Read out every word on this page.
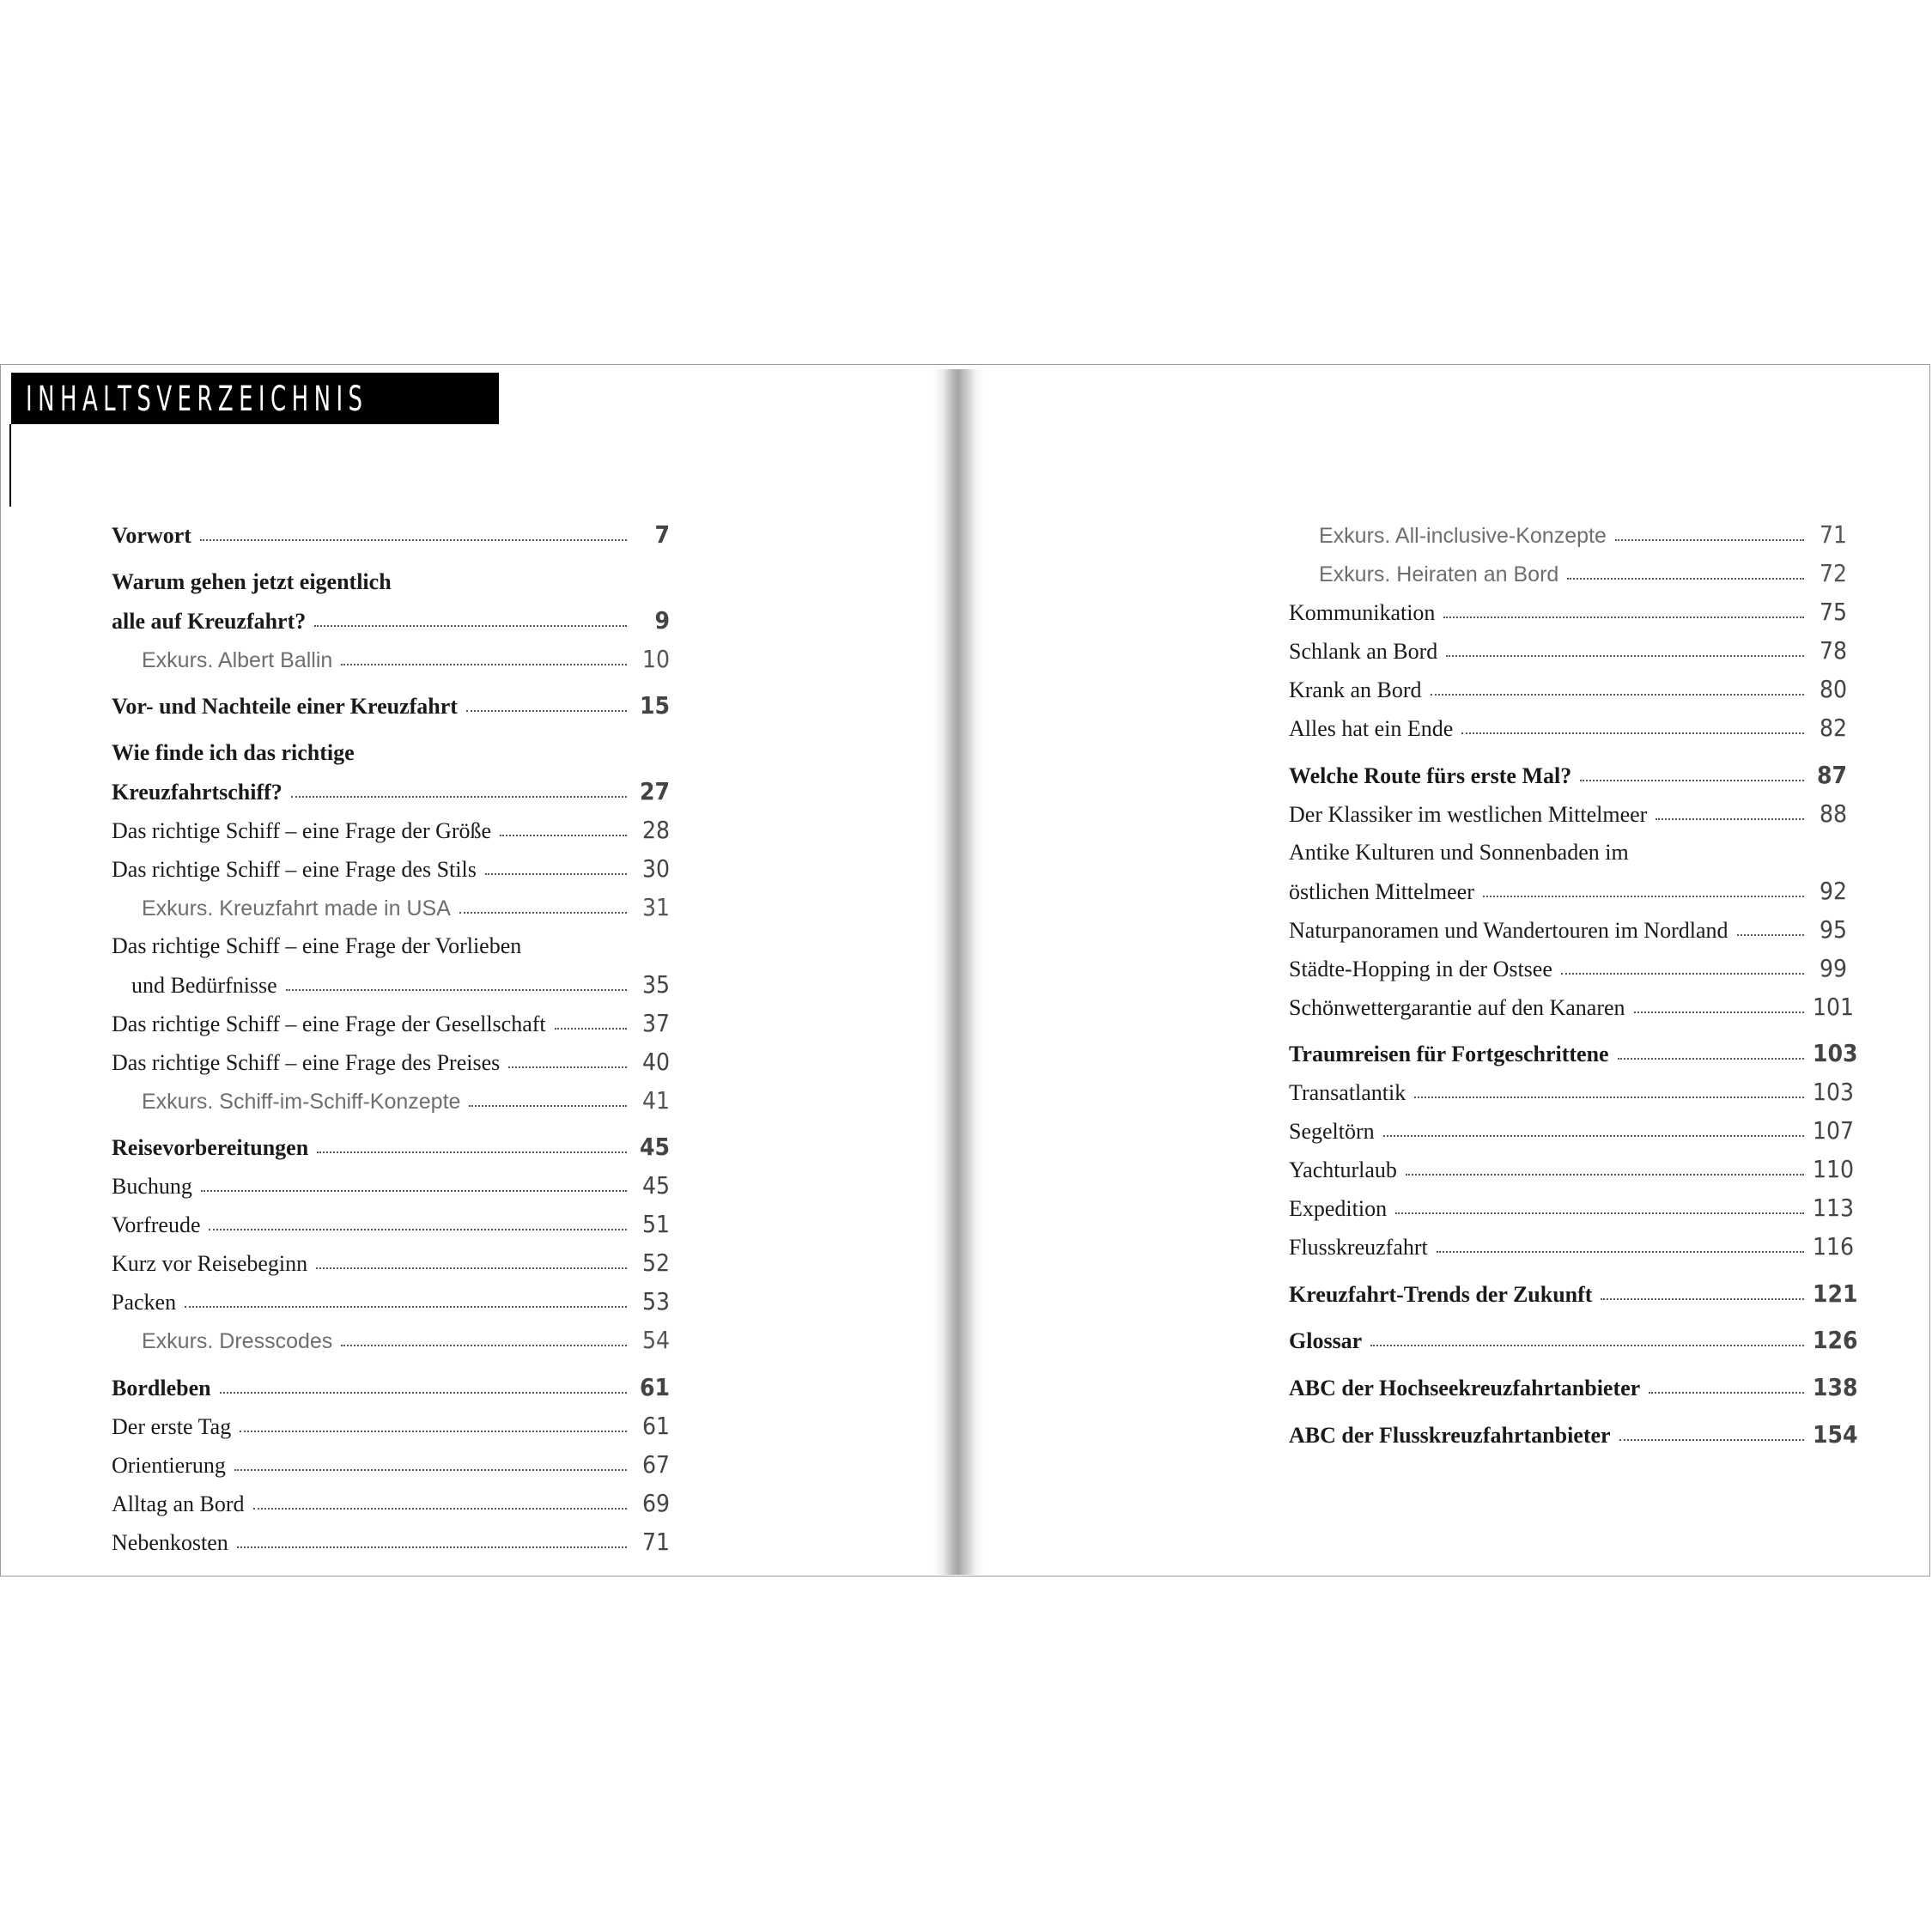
INHALTSVERZEICHNIS
Vorwort	7
Warum gehen jetzt eigentlich
alle auf Kreuzfahrt?	9
Exkurs. Albert Ballin	10
Vor- und Nachteile einer Kreuzfahrt	15
Wie finde ich das richtige
Kreuzfahrtschiff?	27
Das richtige Schiff – eine Frage der Größe	28
Das richtige Schiff – eine Frage des Stils	30
Exkurs. Kreuzfahrt made in USA	31
Das richtige Schiff – eine Frage der Vorlieben
und Bedürfnisse	35
Das richtige Schiff – eine Frage der Gesellschaft	37
Das richtige Schiff – eine Frage des Preises	40
Exkurs. Schiff-im-Schiff-Konzepte	41
Reisevorbereitungen	45
Buchung	45
Vorfreude	51
Kurz vor Reisebeginn	52
Packen	53
Exkurs. Dresscodes	54
Bordleben	61
Der erste Tag	61
Orientierung	67
Alltag an Bord	69
Nebenkosten	71
Exkurs. All-inclusive-Konzepte	71
Exkurs. Heiraten an Bord	72
Kommunikation	75
Schlank an Bord	78
Krank an Bord	80
Alles hat ein Ende	82
Welche Route fürs erste Mal?	87
Der Klassiker im westlichen Mittelmeer	88
Antike Kulturen und Sonnenbaden im
östlichen Mittelmeer	92
Naturpanoramen und Wandertouren im Nordland	95
Städte-Hopping in der Ostsee	99
Schönwettergarantie auf den Kanaren	101
Traumreisen für Fortgeschrittene	103
Transatlantik	103
Segeltörn	107
Yachturlaub	110
Expedition	113
Flusskreuzfahrt	116
Kreuzfahrt-Trends der Zukunft	121
Glossar	126
ABC der Hochseekreuzfahrtanbieter	138
ABC der Flusskreuzfahrtanbieter	154
